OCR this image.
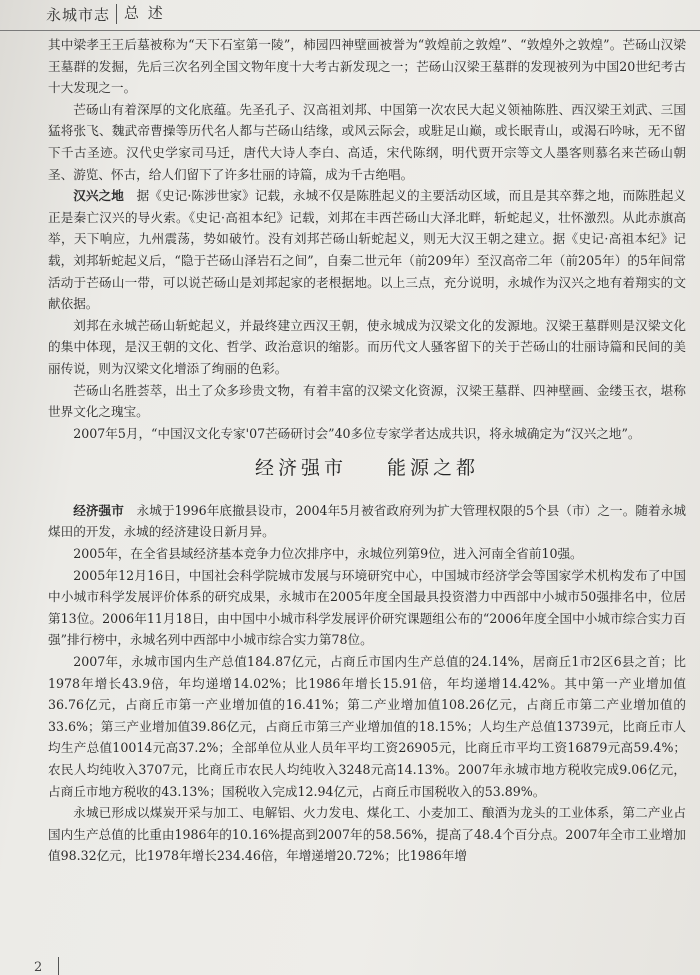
永城市志 总 述

其中梁孝王王后墓被称为“天下石室第一陵”，柿园四神壁画被誉为“敦煌前之敦煌”、“敦煌外之敦煌”。芒砀山汉梁王墓群的发掘，先后三次名列全国文物年度十大考古新发现之一；芒砀山汉梁王墓群的发现被列为中国20世纪考古十大发现之一。

芒砀山有着深厚的文化底蕴。先圣孔子、汉高祖刘邦、中国第一次农民大起义领袖陈胜、西汉梁王刘武、三国猛将张飞、魏武帝曹操等历代名人都与芒砀山结缘，或风云际会，或駐足山巅，或长眠青山，或渴石吟咏，无不留下千古圣迹。汉代史学家司马迁，唐代大诗人李白、高适，宋代陈纲，明代贾开宗等文人墨客则慕名来芒砀山朝圣、游览、怀古，给人们留下了许多壮丽的诗篇，成为千古绝唱。

汉兴之地　 据《史记·陈涉世家》记载，永城不仅是陈胜起义的主要活动区域，而且是其卒葬之地，而陈胜起义正是秦亡汉兴的导火索。《史记·高祖本纪》记载，刘邦在丰西芒砀山大泽北畔，斩蛇起义，壮怀激烈。从此赤旗高举，天下响应，九州震荡，势如破竹。没有刘邦芒砀山斩蛇起义，则无大汉王朝之建立。据《史记·高祖本纪》记载，刘邦斩蛇起义后，“隐于芒砀山泽岩石之间”，自秦二世元年（前209年）至汉高帝二年（前205年）的5年间常活动于芒砀山一带，可以说芒砀山是刘邦起家的老根据地。以上三点，充分说明，永城作为汉兴之地有着翔实的文献依据。

刘邦在永城芒砀山斩蛇起义，并最终建立西汉王朝，使永城成为汉梁文化的发源地。汉梁王墓群则是汉梁文化的集中体现，是汉王朝的文化、哲学、政治意识的缩影。而历代文人骚客留下的关于芒砀山的壮丽诗篇和民间的美丽传说，则为汉梁文化增添了绚丽的色彩。

芒砀山名胜荟萃，出土了众多珍贵文物，有着丰富的汉梁文化资源，汉梁王墓群、四神壁画、金缕玉衣，堪称世界文化之瑰宝。

2007年5月，“中国汉文化专家'07芒砀研讨会”40多位专家学者达成共识，将永城确定为“汉兴之地”。

经济强市 能源之都

经济强市　 永城于1996年底撤县设市，2004年5月被省政府列为扩大管理权限的5个县（市）之一。随着永城煤田的开发，永城的经济建设日新月异。

2005年，在全省县域经济基本竞争力位次排序中，永城位列第9位，进入河南全省前10强。

2005年12月16日，中国社会科学院城市发展与环境研究中心，中国城市经济学会等国家学术机构发布了中国中小城市科学发展评价体系的研究成果，永城市在2005年度全国最具投资潜力中西部中小城市50强排名中，位居第13位。2006年11月18日，由中国中小城市科学发展评价研究课题组公布的“2006年度全国中小城市综合实力百强”排行榜中，永城名列中西部中小城市综合实力第78位。

2007年，永城市国内生产总值184.87亿元，占商丘市国内生产总值的24.14%，居商丘1市2区6县之首；比1978年增长43.9倍，年均递增14.02%；比1986年增长15.91倍，年均递增14.42%。其中第一产业增加值36.76亿元，占商丘市第一产业增加值的16.41%；第二产业增加值108.26亿元，占商丘市第二产业增加值的33.6%；第三产业增加值39.86亿元，占商丘市第三产业增加值的18.15%；人均生产总值13739元，比商丘市人均生产总值10014元高37.2%；全部单位从业人员年平均工资26905元，比商丘市平均工资16879元高59.4%；农民人均纯收入3707元，比商丘市农民人均纯收入3248元高14.13%。2007年永城市地方税收完成9.06亿元，占商丘市地方税收的43.13%；国税收入完成12.94亿元，占商丘市国税收入的53.89%。

永城已形成以煤炭开采与加工、电解铝、火力发电、煤化工、小麦加工、酿酒为龙头的工业体系，第二产业占国内生产总值的比重由1986年的10.16%提高到2007年的58.56%，提高了48.4个百分点。2007年全市工业增加值98.32亿元，比1978年增长234.46倍，年增递增20.72%；比1986年增

2
